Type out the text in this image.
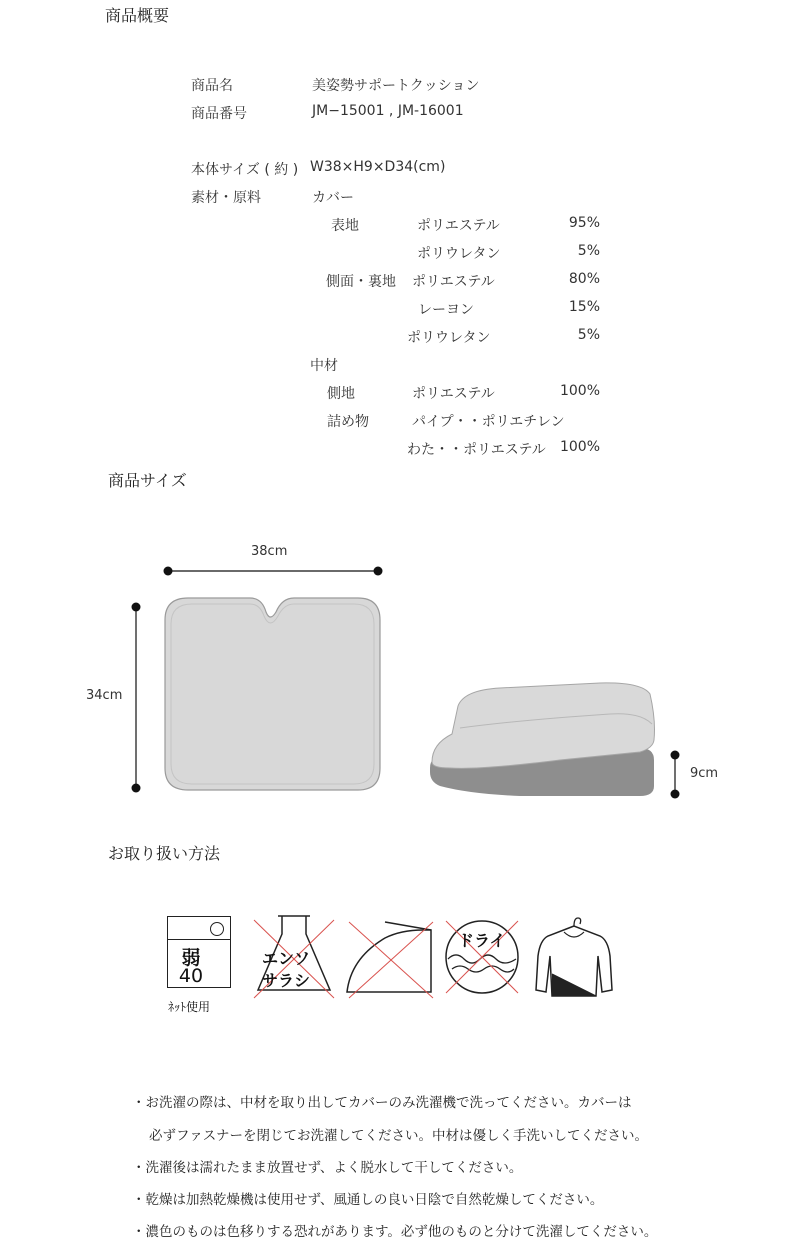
商品概要
商品名	美姿勢サポートクッション
商品番号	JM−15001 , JM-16001
本体サイズ ( 約 ) W38×H9×D34(cm)
素材・原料	カバー
表地	ポリエステル	95%
ポリウレタン	5%
側面・裏地 ポリエステル	80%
レーヨン	15%
ポリウレタン	5%
中材
側地	ポリエステル	100%
詰め物	パイプ・・ポリエチレン
わた・・ポリエステル	100%
商品サイズ
38cm
34cm
9cm
お取り扱い方法
弱
40
ﾈｯﾄ使用
エンソ
サラシ
ドライ
・お洗濯の際は、中材を取り出してカバーのみ洗濯機で洗ってください。カバーは
必ずファスナーを閉じてお洗濯してください。中材は優しく手洗いしてください。
・洗濯後は濡れたまま放置せず、よく脱水して干してください。
・乾燥は加熱乾燥機は使用せず、風通しの良い日陰で自然乾燥してください。
・濃色のものは色移りする恐れがあります。必ず他のものと分けて洗濯してください。
